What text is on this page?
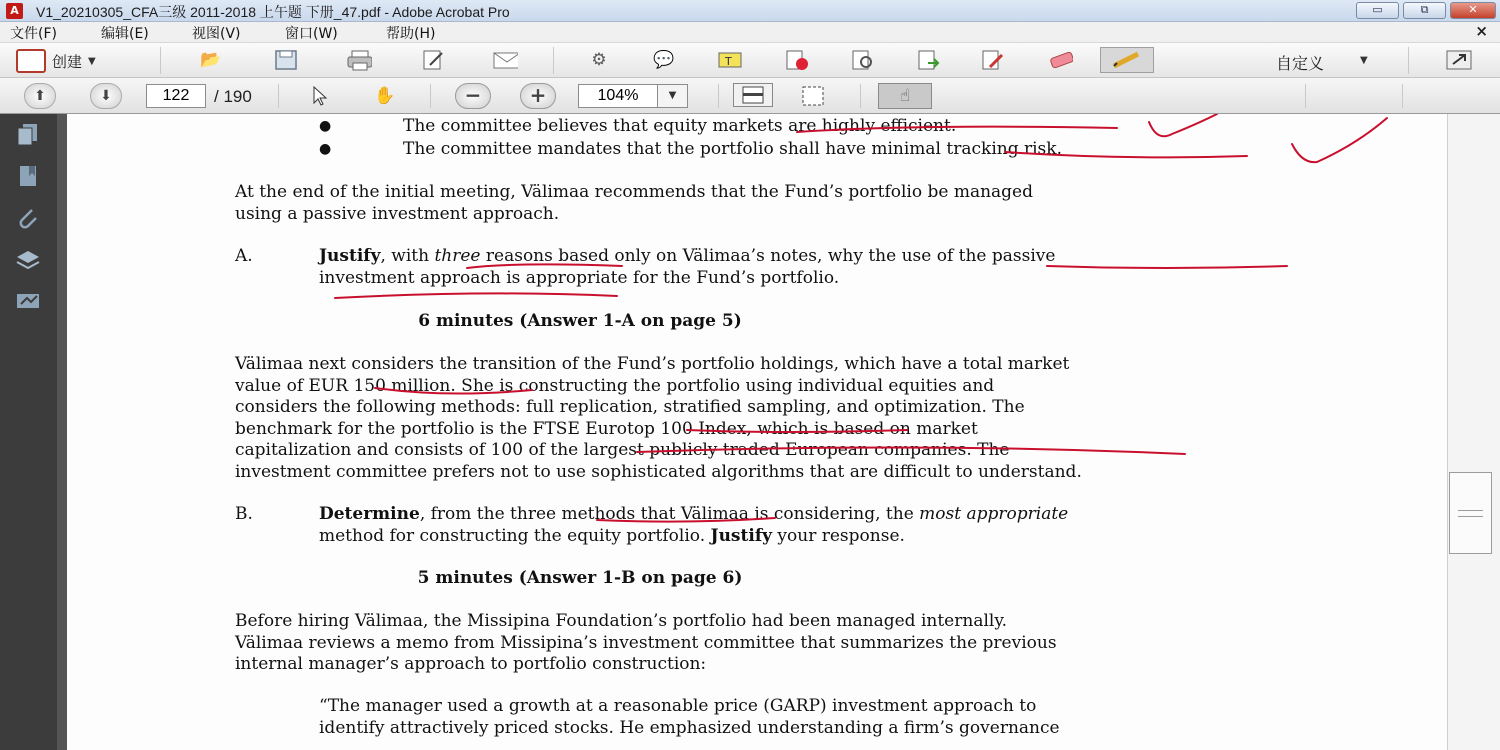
A	V1_20210305_CFA三级 2011-2018 上午题 下册_47.pdf - Adobe Acrobat Pro	▭	⧉	✕
文件(F)	编辑(E)	视图(V)	窗口(W)	帮助(H)	×
创建 ▼	📂	⚙	💬	T	自定义	▼
⬆	⬇	✋	☝
122	/ 190	−	+	104%	▼
●	The committee believes that equity markets are highly efficient.
●	The committee mandates that the portfolio shall have minimal tracking risk.
At the end of the initial meeting, Välimaa recommends that the Fund’s portfolio be managed
using a passive investment approach.
A.	Justify, with three reasons based only on Välimaa’s notes, why the use of the passive
investment approach is appropriate for the Fund’s portfolio.
6 minutes (Answer 1-A on page 5)
Välimaa next considers the transition of the Fund’s portfolio holdings, which have a total market
value of EUR 150 million. She is constructing the portfolio using individual equities and
considers the following methods: full replication, stratified sampling, and optimization. The
benchmark for the portfolio is the FTSE Eurotop 100 Index, which is based on market
capitalization and consists of 100 of the largest publicly traded European companies. The
investment committee prefers not to use sophisticated algorithms that are difficult to understand.
B.	Determine, from the three methods that Välimaa is considering, the most appropriate
method for constructing the equity portfolio. Justify your response.
5 minutes (Answer 1-B on page 6)
Before hiring Välimaa, the Missipina Foundation’s portfolio had been managed internally.
Välimaa reviews a memo from Missipina’s investment committee that summarizes the previous
internal manager’s approach to portfolio construction:
“The manager used a growth at a reasonable price (GARP) investment approach to
identify attractively priced stocks. He emphasized understanding a firm’s governance
